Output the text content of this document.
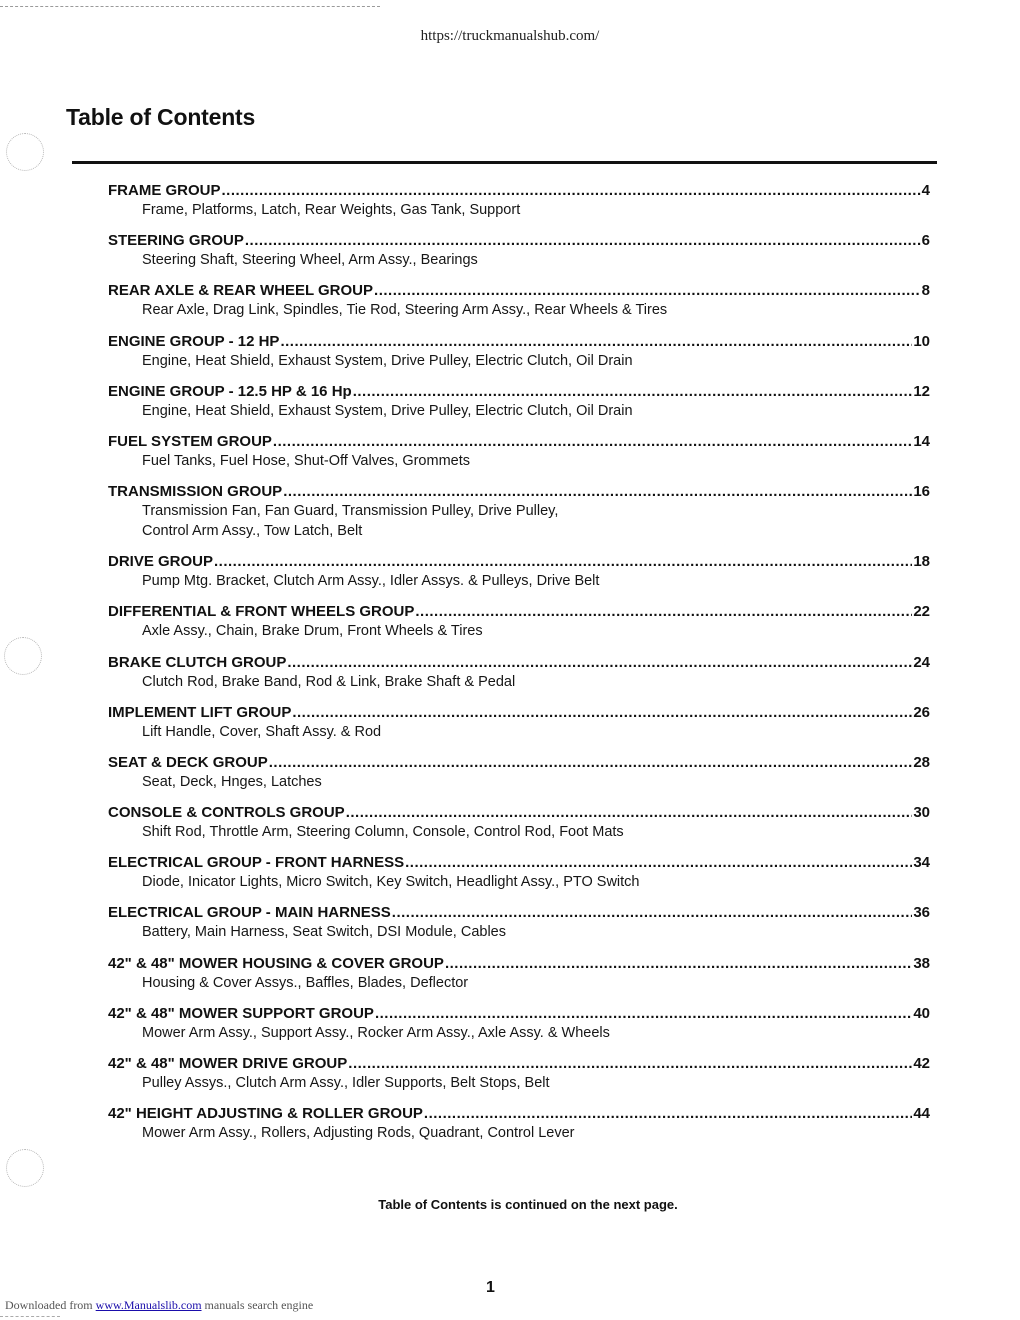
https://truckmanualshub.com/
Table of Contents
FRAME GROUP .....	4
Frame, Platforms, Latch, Rear Weights, Gas Tank, Support
STEERING GROUP .....	6
Steering Shaft, Steering Wheel, Arm Assy., Bearings
REAR AXLE & REAR WHEEL GROUP .....	8
Rear Axle, Drag Link, Spindles, Tie Rod, Steering Arm Assy., Rear Wheels & Tires
ENGINE GROUP - 12 HP .....	10
Engine, Heat Shield, Exhaust System, Drive Pulley, Electric Clutch, Oil Drain
ENGINE GROUP - 12.5 HP & 16 Hp .....	12
Engine, Heat Shield, Exhaust System, Drive Pulley, Electric Clutch, Oil Drain
FUEL SYSTEM GROUP .....	14
Fuel Tanks, Fuel Hose, Shut-Off Valves, Grommets
TRANSMISSION GROUP .....	16
Transmission Fan, Fan Guard, Transmission Pulley, Drive Pulley,
Control Arm Assy., Tow Latch, Belt
DRIVE GROUP .....	18
Pump Mtg. Bracket, Clutch Arm Assy., Idler Assys. & Pulleys, Drive Belt
DIFFERENTIAL & FRONT WHEELS GROUP .....	22
Axle Assy., Chain, Brake Drum, Front Wheels & Tires
BRAKE CLUTCH GROUP .....	24
Clutch Rod, Brake Band, Rod & Link, Brake Shaft & Pedal
IMPLEMENT LIFT GROUP .....	26
Lift Handle, Cover, Shaft Assy. & Rod
SEAT & DECK GROUP .....	28
Seat, Deck, Hnges, Latches
CONSOLE & CONTROLS GROUP .....	30
Shift Rod, Throttle Arm, Steering Column, Console, Control Rod, Foot Mats
ELECTRICAL GROUP - FRONT HARNESS .....	34
Diode, Inicator Lights, Micro Switch, Key Switch, Headlight Assy., PTO Switch
ELECTRICAL GROUP - MAIN HARNESS .....	36
Battery, Main Harness, Seat Switch, DSI Module, Cables
42" & 48" MOWER HOUSING & COVER GROUP .....	38
Housing & Cover Assys., Baffles, Blades, Deflector
42" & 48" MOWER SUPPORT GROUP .....	40
Mower Arm Assy., Support Assy., Rocker Arm Assy., Axle Assy. & Wheels
42" & 48" MOWER DRIVE GROUP .....	42
Pulley Assys., Clutch Arm Assy., Idler Supports, Belt Stops, Belt
42" HEIGHT ADJUSTING & ROLLER GROUP .....	44
Mower Arm Assy., Rollers, Adjusting Rods, Quadrant, Control Lever
Table of Contents is continued on the next page.
1
Downloaded from www.Manualslib.com manuals search engine
